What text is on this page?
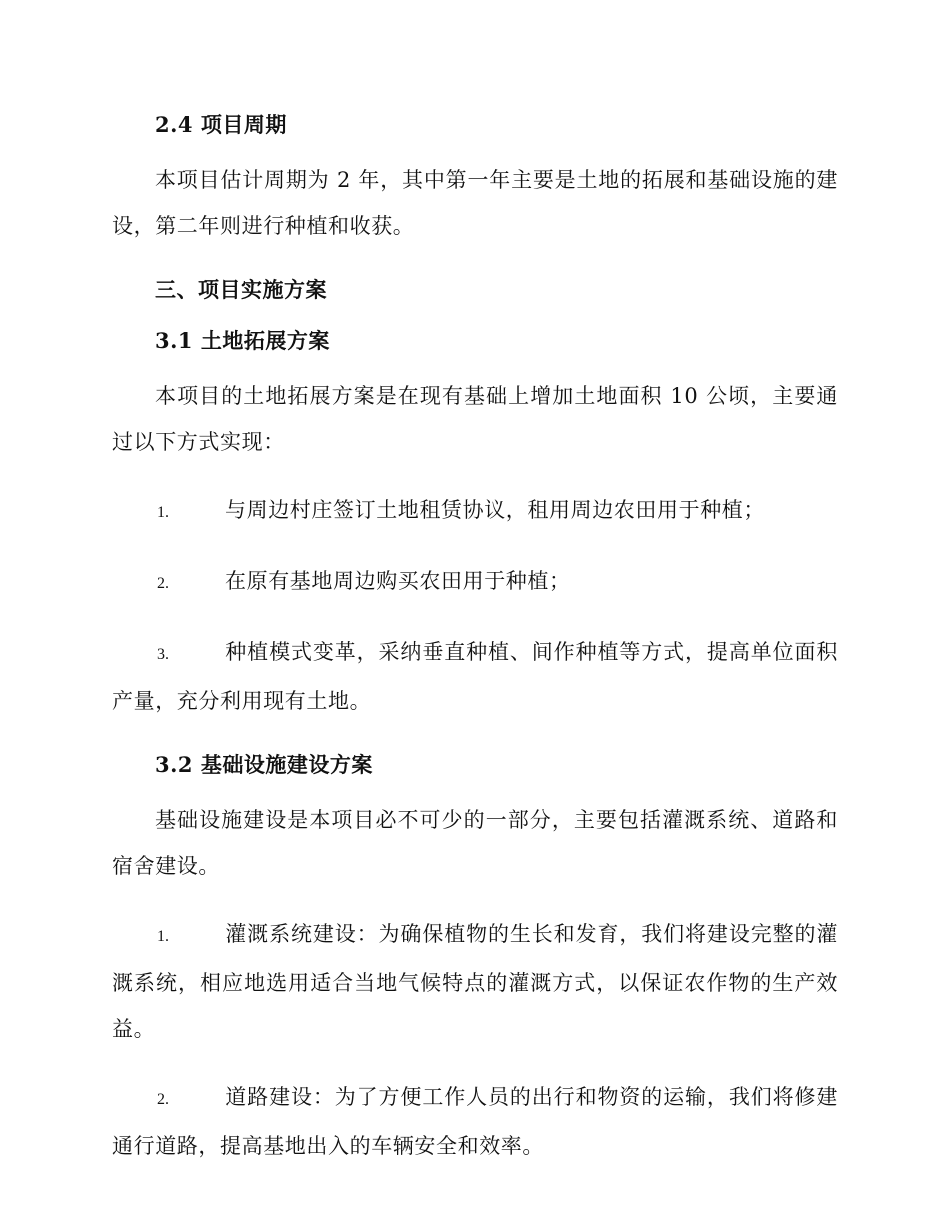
2.4 项目周期

本项目估计周期为 2 年，其中第一年主要是土地的拓展和基础设施的建设，第二年则进行种植和收获。

三、项目实施方案
3.1 土地拓展方案

本项目的土地拓展方案是在现有基础上增加土地面积 10 公顷，主要通过以下方式实现：

1.	与周边村庄签订土地租赁协议，租用周边农田用于种植；

2.	在原有基地周边购买农田用于种植；

3.	种植模式变革，采纳垂直种植、间作种植等方式，提高单位面积产量，充分利用现有土地。

3.2 基础设施建设方案

基础设施建设是本项目必不可少的一部分，主要包括灌溉系统、道路和宿舍建设。

1.	灌溉系统建设：为确保植物的生长和发育，我们将建设完整的灌溉系统，相应地选用适合当地气候特点的灌溉方式，以保证农作物的生产效益。

2.	道路建设：为了方便工作人员的出行和物资的运输，我们将修建通行道路，提高基地出入的车辆安全和效率。
